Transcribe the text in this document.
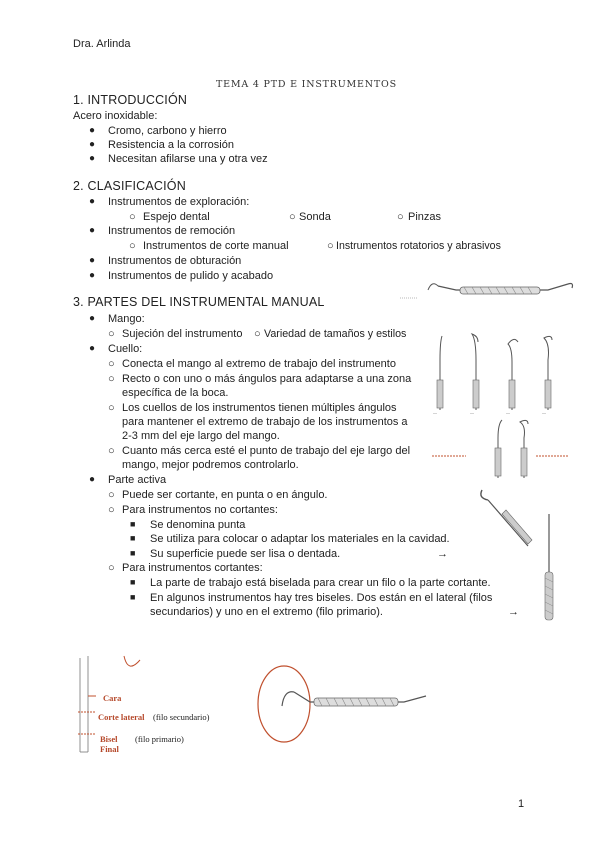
Dra. Arlinda
TEMA 4 PTD E INSTRUMENTOS
1. INTRODUCCIÓN
Acero inoxidable:
● Cromo, carbono y hierro
● Resistencia a la corrosión
● Necesitan afilarse una y otra vez
2. CLASIFICACIÓN
● Instrumentos de exploración:
○ Espejo dental	○ Sonda	○ Pinzas
● Instrumentos de remoción
○ Instrumentos de corte manual	○ Instrumentos rotatorios y abrasivos
● Instrumentos de obturación
● Instrumentos de pulido y acabado
3. PARTES DEL INSTRUMENTAL MANUAL
● Mango:
○ Sujeción del instrumento ○ Variedad de tamaños y estilos
● Cuello:
○ Conecta el mango al extremo de trabajo del instrumento
○ Recto o con uno o más ángulos para adaptarse a una zona
específica de la boca.
○ Los cuellos de los instrumentos tienen múltiples ángulos
para mantener el extremo de trabajo de los instrumentos a
2-3 mm del eje largo del mango.
○ Cuanto más cerca esté el punto de trabajo del eje largo del
mango, mejor podremos controlarlo.
● Parte activa
○ Puede ser cortante, en punta o en ángulo.
○ Para instrumentos no cortantes:
■ Se denomina punta
■ Se utiliza para colocar o adaptar los materiales en la cavidad.
■ Su superficie puede ser lisa o dentada.	→
○ Para instrumentos cortantes:
■ La parte de trabajo está biselada para crear un filo o la parte cortante.
■ En algunos instrumentos hay tres biseles. Dos están en el lateral (filos
secundarios) y uno en el extremo (filo primario).	→
—	—	—	—
Cara
Corte lateral (filo secundario)
Bisel (filo primario)
Final
1
